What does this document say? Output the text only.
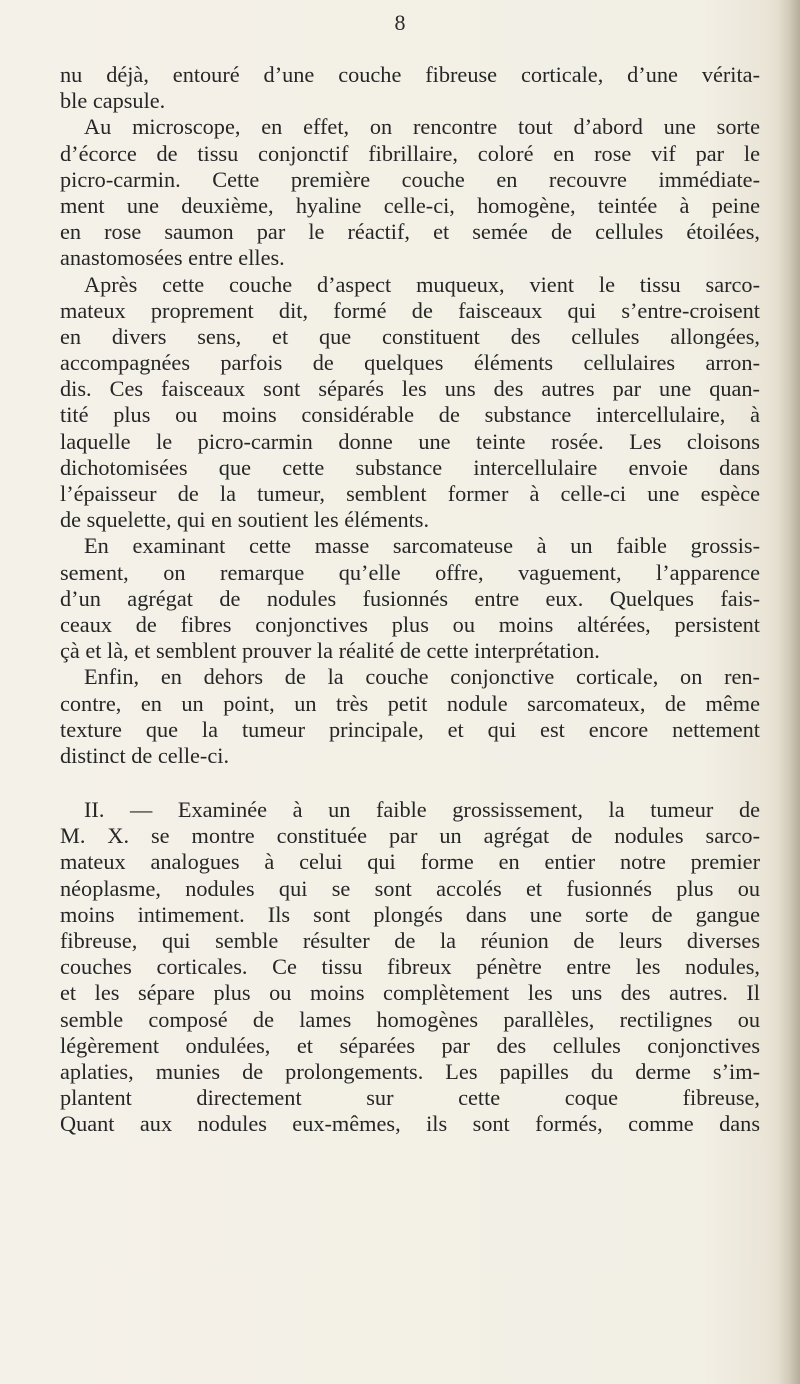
8
nu déjà, entouré d’une couche fibreuse corticale, d’une vérita-
ble capsule.
Au microscope, en effet, on rencontre tout d’abord une sorte
d’écorce de tissu conjonctif fibrillaire, coloré en rose vif par le
picro-carmin. Cette première couche en recouvre immédiate-
ment une deuxième, hyaline celle-ci, homogène, teintée à peine
en rose saumon par le réactif, et semée de cellules étoilées,
anastomosées entre elles.
Après cette couche d’aspect muqueux, vient le tissu sarco-
mateux proprement dit, formé de faisceaux qui s’entre-croisent
en divers sens, et que constituent des cellules allongées,
accompagnées parfois de quelques éléments cellulaires arron-
dis. Ces faisceaux sont séparés les uns des autres par une quan-
tité plus ou moins considérable de substance intercellulaire, à
laquelle le picro-carmin donne une teinte rosée. Les cloisons
dichotomisées que cette substance intercellulaire envoie dans
l’épaisseur de la tumeur, semblent former à celle-ci une espèce
de squelette, qui en soutient les éléments.
En examinant cette masse sarcomateuse à un faible grossis-
sement, on remarque qu’elle offre, vaguement, l’apparence
d’un agrégat de nodules fusionnés entre eux. Quelques fais-
ceaux de fibres conjonctives plus ou moins altérées, persistent
çà et là, et semblent prouver la réalité de cette interprétation.
Enfin, en dehors de la couche conjonctive corticale, on ren-
contre, en un point, un très petit nodule sarcomateux, de même
texture que la tumeur principale, et qui est encore nettement
distinct de celle-ci.
II. — Examinée à un faible grossissement, la tumeur de
M. X. se montre constituée par un agrégat de nodules sarco-
mateux analogues à celui qui forme en entier notre premier
néoplasme, nodules qui se sont accolés et fusionnés plus ou
moins intimement. Ils sont plongés dans une sorte de gangue
fibreuse, qui semble résulter de la réunion de leurs diverses
couches corticales. Ce tissu fibreux pénètre entre les nodules,
et les sépare plus ou moins complètement les uns des autres. Il
semble composé de lames homogènes parallèles, rectilignes ou
légèrement ondulées, et séparées par des cellules conjonctives
aplaties, munies de prolongements. Les papilles du derme s’im-
plantent directement sur cette coque fibreuse,
Quant aux nodules eux-mêmes, ils sont formés, comme dans
